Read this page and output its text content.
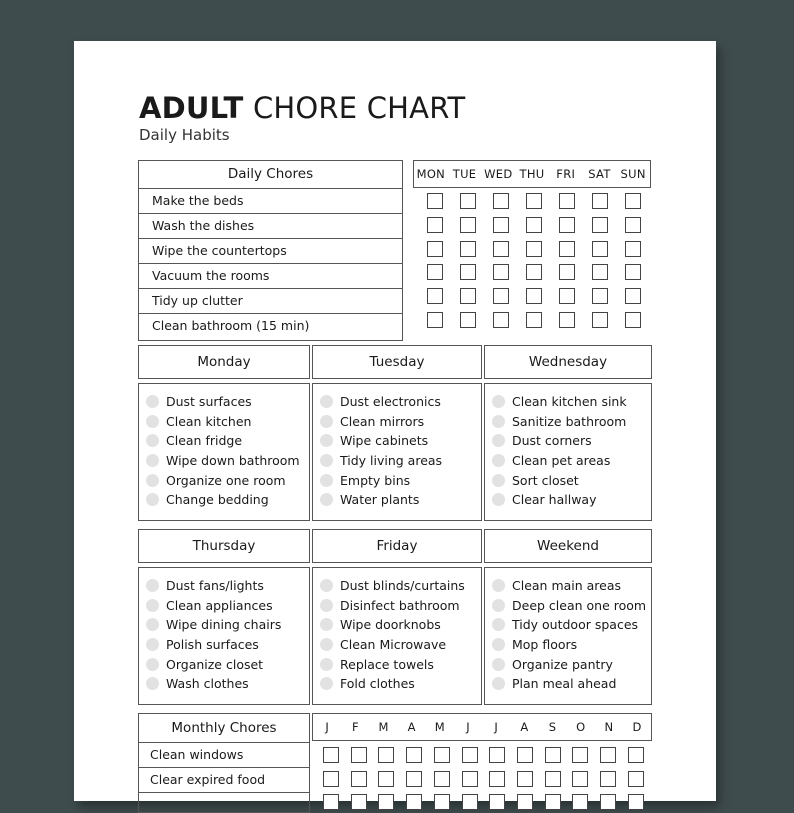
ADULT CHORE CHART
Daily Habits
Daily Chores
Make the beds
Wash the dishes
Wipe the countertops
Vacuum the rooms
Tidy up clutter
Clean bathroom (15 min)
MON TUE WED THU	FRI	SAT SUN
Monday	Tuesday	Wednesday
Dust surfaces
Clean kitchen
Clean fridge
Wipe down bathroom
Organize one room
Change bedding
Dust electronics
Clean mirrors
Wipe cabinets
Tidy living areas
Empty bins
Water plants
Clean kitchen sink
Sanitize bathroom
Dust corners
Clean pet areas
Sort closet
Clear hallway
Thursday	Friday	Weekend
Dust fans/lights
Clean appliances
Wipe dining chairs
Polish surfaces
Organize closet
Wash clothes
Dust blinds/curtains
Disinfect bathroom
Wipe doorknobs
Clean Microwave
Replace towels
Fold clothes
Clean main areas
Deep clean one room
Tidy outdoor spaces
Mop floors
Organize pantry
Plan meal ahead
Monthly Chores
Clean windows
Clear expired food
J	F	M	A	M	J	J	A	S	O	N	D
